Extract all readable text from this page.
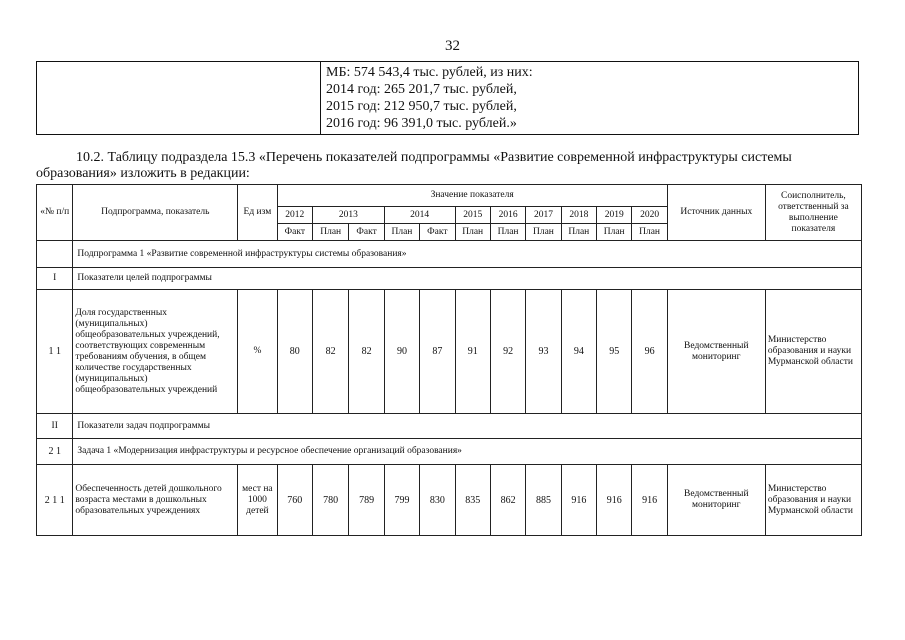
32

МБ: 574 543,4 тыс. рублей, из них:
2014 год: 265 201,7 тыс. рублей,
2015 год: 212 950,7 тыс. рублей,
2016 год: 96 391,0 тыс. рублей.»
10.2. Таблицу подраздела 15.3 «Перечень показателей подпрограммы «Развитие современной инфраструктуры системы
образования» изложить в редакции:
«№ п/п	Подпрограмма, показатель	Ед изм	Значение показателя											Источник данных	Соисполнитель, ответственный за выполнение показателя
			2012	2013		2014		2015	2016	2017	2018	2019	2020		
			Факт	План	Факт	План	Факт	План	План	План	План	План	План		
	Подпрограмма 1 «Развитие современной инфраструктуры системы образования»														
I	Показатели целей подпрограммы														
1 1	Доля государственных (муниципальных) общеобразовательных учреждений, соответствующих современным требованиям обучения, в общем количестве государственных (муниципальных) общеобразовательных учреждений	%	80	82	82	90	87	91	92	93	94	95	96	Ведомственный мониторинг	Министерство образования и науки Мурманской области
II	Показатели задач подпрограммы														
2 1	Задача 1 «Модернизация инфраструктуры и ресурсное обеспечение организаций образования»														
2 1 1	Обеспеченность детей дошкольного возраста местами в дошкольных образовательных учреждениях	мест на 1000 детей	760	780	789	799	830	835	862	885	916	916	916	Ведомственный мониторинг	Министерство образования и науки Мурманской области
